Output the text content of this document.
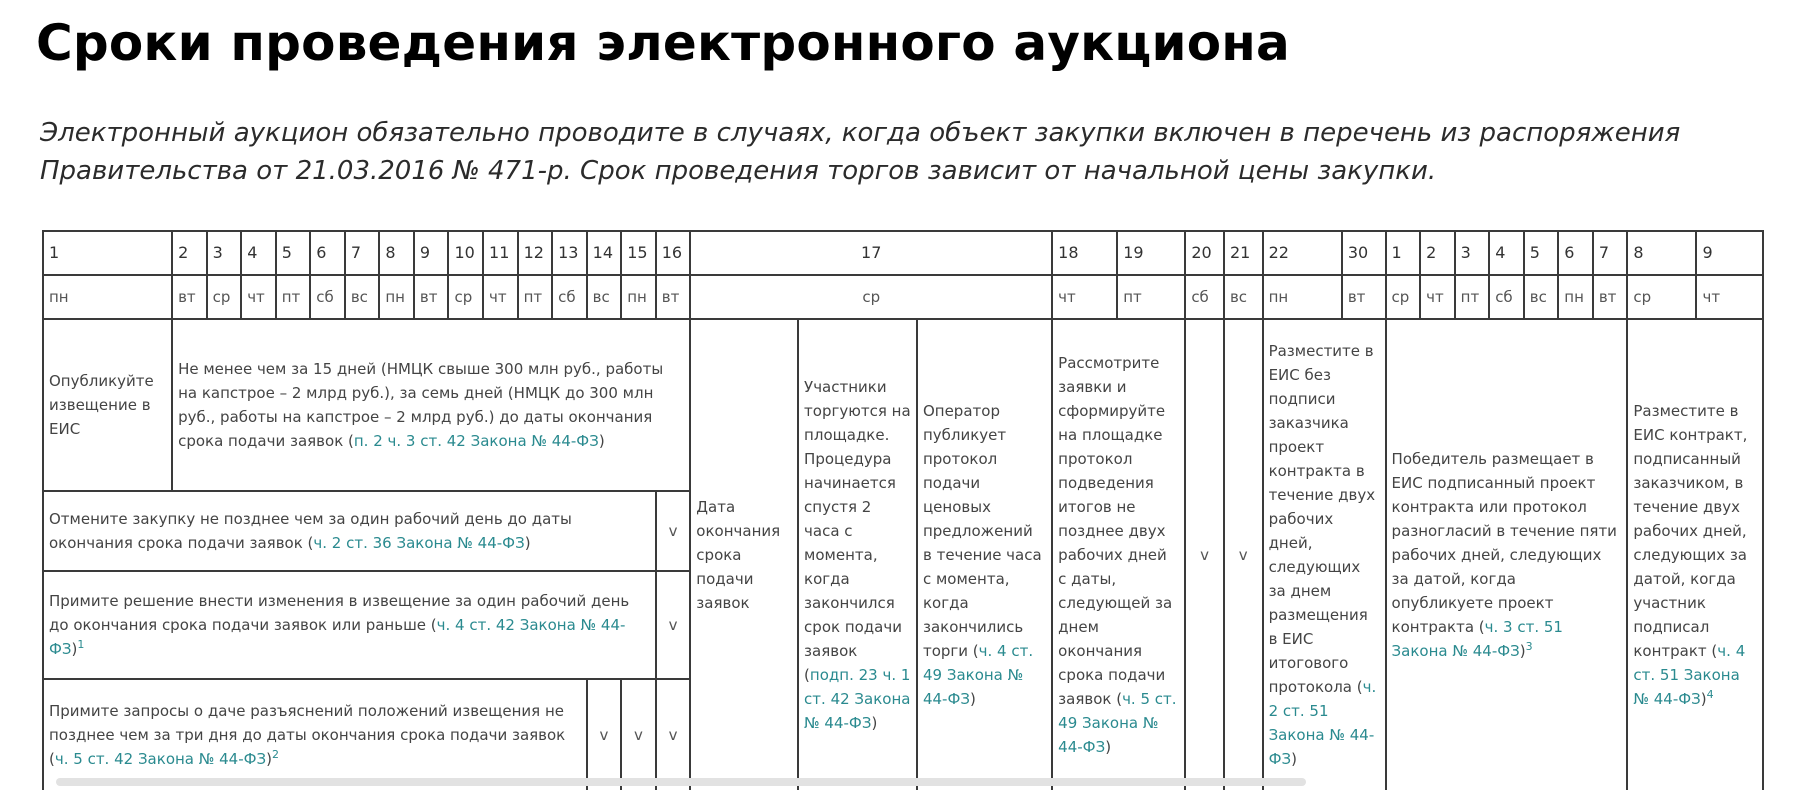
Сроки проведения электронного аукциона

Электронный аукцион обязательно проводите в случаях, когда объект закупки включен в перечень из распоряжения Правительства от 21.03.2016 № 471-р. Срок проведения торгов зависит от начальной цены закупки.

1	2	3	4	5	6	7	8	9	10	11	12	13	14	15	16	17			18	19	20	21	22	30	1	2	3	4	5	6	7	8	9
пн	вт	ср	чт	пт	сб	вс	пн	вт	ср	чт	пт	сб	вс	пн	вт	ср			чт	пт	сб	вс	пн	вт	ср	чт	пт	сб	вс	пн	вт	ср	чт
Опубликуйте извещение в ЕИС	Не менее чем за 15 дней (НМЦК свыше 300 млн руб., работы на капстрое – 2 млрд руб.), за семь дней (НМЦК до 300 млн руб., работы на капстрое – 2 млрд руб.) до даты окончания срока подачи заявок (п. 2 ч. 3 ст. 42 Закона № 44-ФЗ)															Дата окончания срока подачи заявок	Участники торгуются на площадке. Процедура начинается спустя 2 часа с момента, когда закончился срок подачи заявок (подп. 23 ч. 1 ст. 42 Закона № 44-ФЗ)	Оператор публикует протокол подачи ценовых предложений в течение часа с момента, когда закончились торги (ч. 4 ст. 49 Закона № 44-ФЗ)	Рассмотрите заявки и сформируйте на площадке протокол подведения итогов не позднее двух рабочих дней с даты, следующей за днем окончания срока подачи заявок (ч. 5 ст. 49 Закона № 44-ФЗ)		v	v	Разместите в ЕИС без подписи заказчика проект контракта в течение двух рабочих дней, следующих за днем размещения в ЕИС итогового протокола (ч. 2 ст. 51 Закона № 44-ФЗ)		Победитель размещает в ЕИС подписанный проект контракта или протокол разногласий в течение пяти рабочих дней, следующих за датой, когда опубликуете проект контракта (ч. 3 ст. 51 Закона № 44-ФЗ)$^3$							Разместите в ЕИС контракт, подписанный заказчиком, в течение двух рабочих дней, следующих за датой, когда участник подписал контракт (ч. 4 ст. 51 Закона № 44-ФЗ)$^4$
Отмените закупку не позднее чем за один рабочий день до даты окончания срока подачи заявок (ч. 2 ст. 36 Закона № 44-ФЗ)															v																		
Примите решение внести изменения в извещение за один рабочий день до окончания срока подачи заявок или раньше (ч. 4 ст. 42 Закона № 44-ФЗ)$^1$															v																		
Примите запросы о даче разъяснений положений извещения не позднее чем за три дня до даты окончания срока подачи заявок (ч. 5 ст. 42 Закона № 44-ФЗ)$^2$													v	v	v																		
